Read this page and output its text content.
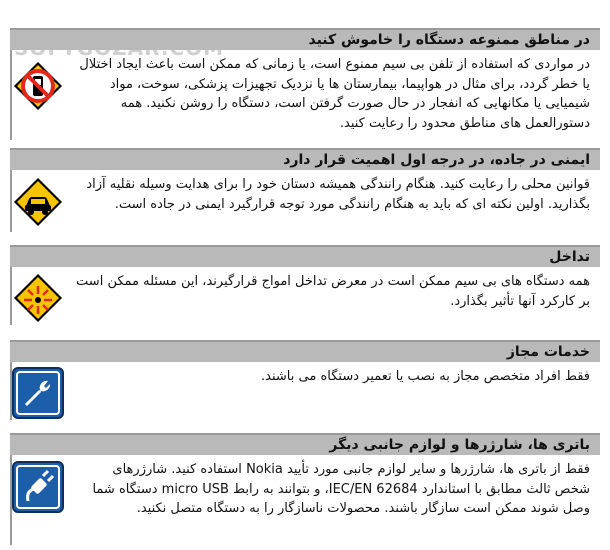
در مناطق ممنوعه دستگاه را خاموش کنید
در مواردی که استفاده از تلفن بی سیم ممنوع است، یا زمانی که ممکن است باعث ایجاد اختلال یا خطر گردد، برای مثال در هواپیما، بیمارستان ها یا نزدیک تجهیزات پزشکی، سوخت، مواد شیمیایی یا مکانهایی که انفجار در حال صورت گرفتن است، دستگاه را روشن نکنید. همه دستورالعمل های مناطق محدود را رعایت کنید.
ایمنی در جاده، در درجه اول اهمیت قرار دارد
قوانین محلی را رعایت کنید. هنگام رانندگی همیشه دستان خود را برای هدایت وسیله نقلیه آزاد بگذارید. اولین نکته ای که باید به هنگام رانندگی مورد توجه قرارگیرد ایمنی در جاده است.
تداخل
همه دستگاه های بی سیم ممکن است در معرض تداخل امواج قرارگیرند، این مسئله ممکن است بر کارکرد آنها تأثیر بگذارد.
خدمات مجاز
فقط افراد متخصص مجاز به نصب یا تعمیر دستگاه می باشند.
باتری ها، شارژرها و لوازم جانبی دیگر
فقط از باتری ها، شارژرها و سایر لوازم جانبی مورد تأیید Nokia استفاده کنید. شارژرهای شخص ثالث مطابق با استاندارد IEC/EN 62684، و بتوانند به رابط micro USB دستگاه شما وصل شوند ممکن است سازگار باشند. محصولات ناسازگار را به دستگاه متصل نکنید.
